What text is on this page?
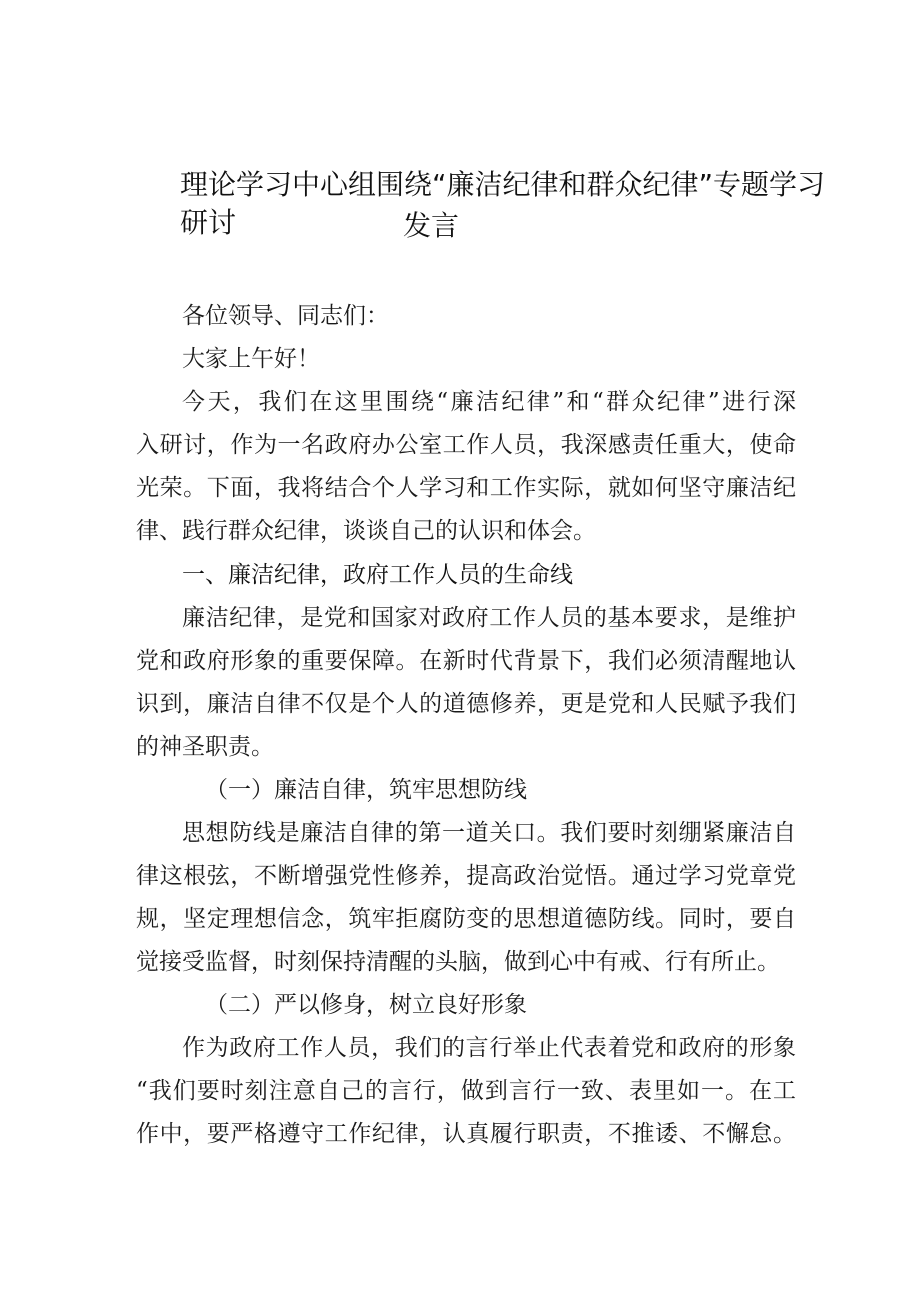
理论学习中心组围绕“廉洁纪律和群众纪律”专题学习研讨	发言

各位领导、同志们：

大家上午好！

今天，我们在这里围绕“廉洁纪律”和“群众纪律”进行深

入研讨，作为一名政府办公室工作人员，我深感责任重大，使命

光荣。下面，我将结合个人学习和工作实际，就如何坚守廉洁纪

律、践行群众纪律，谈谈自己的认识和体会。

一、廉洁纪律，政府工作人员的生命线

廉洁纪律，是党和国家对政府工作人员的基本要求，是维护

党和政府形象的重要保障。在新时代背景下，我们必须清醒地认

识到，廉洁自律不仅是个人的道德修养，更是党和人民赋予我们

的神圣职责。

（一）廉洁自律，筑牢思想防线

思想防线是廉洁自律的第一道关口。我们要时刻绷紧廉洁自

律这根弦，不断增强党性修养，提高政治觉悟。通过学习党章党

规，坚定理想信念，筑牢拒腐防变的思想道德防线。同时，要自

觉接受监督，时刻保持清醒的头脑，做到心中有戒、行有所止。

（二）严以修身，树立良好形象

作为政府工作人员，我们的言行举止代表着党和政府的形象

“我们要时刻注意自己的言行，做到言行一致、表里如一。在工

作中，要严格遵守工作纪律，认真履行职责，不推诿、不懈怠。
